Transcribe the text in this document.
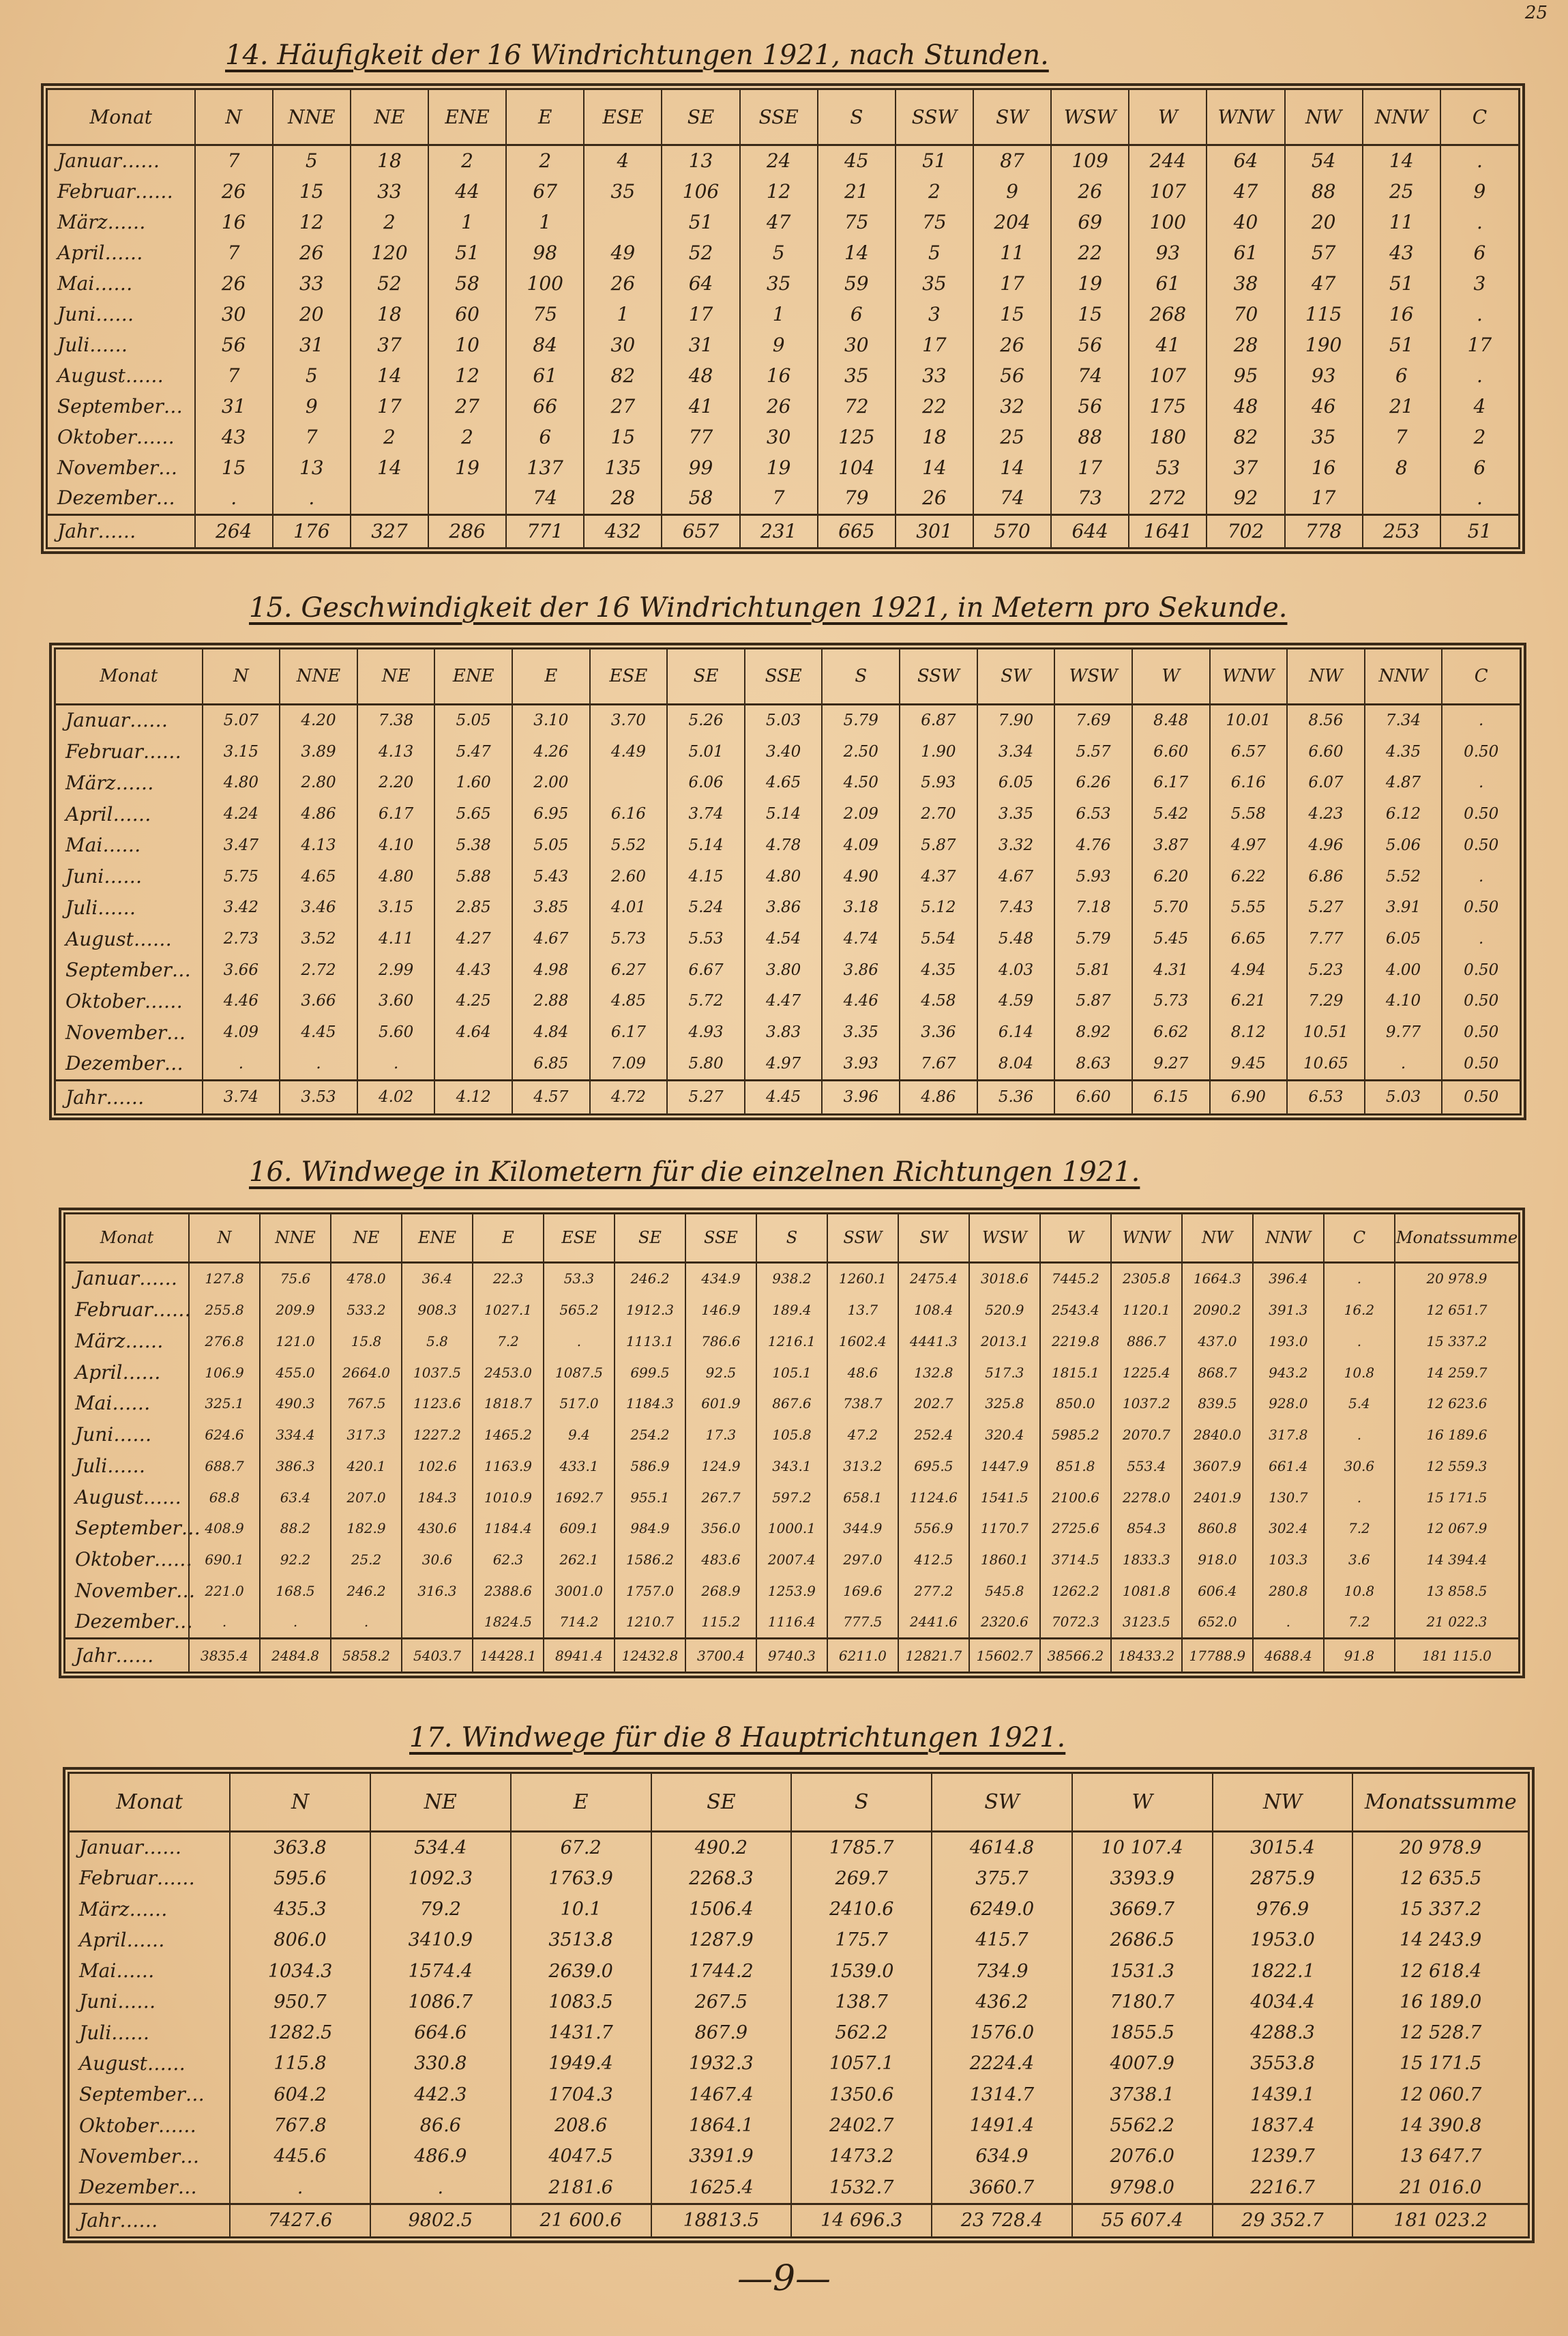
25
14. Häufigkeit der 16 Windrichtungen 1921, nach Stunden.
Monat	N	NNE	NE	ENE	E	ESE	SE	SSE	S	SSW	SW	WSW	W	WNW	NW	NNW	C

Januar……	7	5	18	2	2	4	13	24	45	51	87	109	244	64	54	14	.
Februar……	26	15	33	44	67	35	106	12	21	2	9	26	107	47	88	25	9
März……	16	12	2	1	1		51	47	75	75	204	69	100	40	20	11	.
April……	7	26	120	51	98	49	52	5	14	5	11	22	93	61	57	43	6
Mai……	26	33	52	58	100	26	64	35	59	35	17	19	61	38	47	51	3
Juni……	30	20	18	60	75	1	17	1	6	3	15	15	268	70	115	16	.

Juli……	56	31	37	10	84	30	31	9	30	17	26	56	41	28	190	51	17
August……	7	5	14	12	61	82	48	16	35	33	56	74	107	95	93	6	.
September…	31	9	17	27	66	27	41	26	72	22	32	56	175	48	46	21	4
Oktober……	43	7	2	2	6	15	77	30	125	18	25	88	180	82	35	7	2
November…	15	13	14	19	137	135	99	19	104	14	14	17	53	37	16	8	6
Dezember…	.	.			74	28	58	7	79	26	74	73	272	92	17		.

Jahr……	264	176	327	286	771	432	657	231	665	301	570	644	1641	702	778	253	51
15. Geschwindigkeit der 16 Windrichtungen 1921, in Metern pro Sekunde.
Monat	N	NNE	NE	ENE	E	ESE	SE	SSE	S	SSW	SW	WSW	W	WNW	NW	NNW	C

Januar……	5.07	4.20	7.38	5.05	3.10	3.70	5.26	5.03	5.79	6.87	7.90	7.69	8.48	10.01	8.56	7.34	.
Februar……	3.15	3.89	4.13	5.47	4.26	4.49	5.01	3.40	2.50	1.90	3.34	5.57	6.60	6.57	6.60	4.35	0.50
März……	4.80	2.80	2.20	1.60	2.00		6.06	4.65	4.50	5.93	6.05	6.26	6.17	6.16	6.07	4.87	.
April……	4.24	4.86	6.17	5.65	6.95	6.16	3.74	5.14	2.09	2.70	3.35	6.53	5.42	5.58	4.23	6.12	0.50
Mai……	3.47	4.13	4.10	5.38	5.05	5.52	5.14	4.78	4.09	5.87	3.32	4.76	3.87	4.97	4.96	5.06	0.50
Juni……	5.75	4.65	4.80	5.88	5.43	2.60	4.15	4.80	4.90	4.37	4.67	5.93	6.20	6.22	6.86	5.52	.

Juli……	3.42	3.46	3.15	2.85	3.85	4.01	5.24	3.86	3.18	5.12	7.43	7.18	5.70	5.55	5.27	3.91	0.50
August……	2.73	3.52	4.11	4.27	4.67	5.73	5.53	4.54	4.74	5.54	5.48	5.79	5.45	6.65	7.77	6.05	.
September…	3.66	2.72	2.99	4.43	4.98	6.27	6.67	3.80	3.86	4.35	4.03	5.81	4.31	4.94	5.23	4.00	0.50
Oktober……	4.46	3.66	3.60	4.25	2.88	4.85	5.72	4.47	4.46	4.58	4.59	5.87	5.73	6.21	7.29	4.10	0.50
November…	4.09	4.45	5.60	4.64	4.84	6.17	4.93	3.83	3.35	3.36	6.14	8.92	6.62	8.12	10.51	9.77	0.50
Dezember…	.	.	.		6.85	7.09	5.80	4.97	3.93	7.67	8.04	8.63	9.27	9.45	10.65	.	0.50

Jahr……	3.74	3.53	4.02	4.12	4.57	4.72	5.27	4.45	3.96	4.86	5.36	6.60	6.15	6.90	6.53	5.03	0.50
16. Windwege in Kilometern für die einzelnen Richtungen 1921.
Monat	N	NNE	NE	ENE	E	ESE	SE	SSE	S	SSW	SW	WSW	W	WNW	NW	NNW	C	Monatssumme

Januar……	127.8	75.6	478.0	36.4	22.3	53.3	246.2	434.9	938.2	1260.1	2475.4	3018.6	7445.2	2305.8	1664.3	396.4	.	20 978.9
Februar……	255.8	209.9	533.2	908.3	1027.1	565.2	1912.3	146.9	189.4	13.7	108.4	520.9	2543.4	1120.1	2090.2	391.3	16.2	12 651.7
März……	276.8	121.0	15.8	5.8	7.2	.	1113.1	786.6	1216.1	1602.4	4441.3	2013.1	2219.8	886.7	437.0	193.0	.	15 337.2
April……	106.9	455.0	2664.0	1037.5	2453.0	1087.5	699.5	92.5	105.1	48.6	132.8	517.3	1815.1	1225.4	868.7	943.2	10.8	14 259.7
Mai……	325.1	490.3	767.5	1123.6	1818.7	517.0	1184.3	601.9	867.6	738.7	202.7	325.8	850.0	1037.2	839.5	928.0	5.4	12 623.6
Juni……	624.6	334.4	317.3	1227.2	1465.2	9.4	254.2	17.3	105.8	47.2	252.4	320.4	5985.2	2070.7	2840.0	317.8	.	16 189.6

Juli……	688.7	386.3	420.1	102.6	1163.9	433.1	586.9	124.9	343.1	313.2	695.5	1447.9	851.8	553.4	3607.9	661.4	30.6	12 559.3
August……	68.8	63.4	207.0	184.3	1010.9	1692.7	955.1	267.7	597.2	658.1	1124.6	1541.5	2100.6	2278.0	2401.9	130.7	.	15 171.5
September…	408.9	88.2	182.9	430.6	1184.4	609.1	984.9	356.0	1000.1	344.9	556.9	1170.7	2725.6	854.3	860.8	302.4	7.2	12 067.9
Oktober……	690.1	92.2	25.2	30.6	62.3	262.1	1586.2	483.6	2007.4	297.0	412.5	1860.1	3714.5	1833.3	918.0	103.3	3.6	14 394.4
November…	221.0	168.5	246.2	316.3	2388.6	3001.0	1757.0	268.9	1253.9	169.6	277.2	545.8	1262.2	1081.8	606.4	280.8	10.8	13 858.5
Dezember…	.	.	.		1824.5	714.2	1210.7	115.2	1116.4	777.5	2441.6	2320.6	7072.3	3123.5	652.0	.	7.2	21 022.3

Jahr……	3835.4	2484.8	5858.2	5403.7	14428.1	8941.4	12432.8	3700.4	9740.3	6211.0	12821.7	15602.7	38566.2	18433.2	17788.9	4688.4	91.8	181 115.0
17. Windwege für die 8 Hauptrichtungen 1921.
Monat	N	NE	E	SE	S	SW	W	NW	Monatssumme

Januar……	363.8	534.4	67.2	490.2	1785.7	4614.8	10 107.4	3015.4	20 978.9
Februar……	595.6	1092.3	1763.9	2268.3	269.7	375.7	3393.9	2875.9	12 635.5
März……	435.3	79.2	10.1	1506.4	2410.6	6249.0	3669.7	976.9	15 337.2
April……	806.0	3410.9	3513.8	1287.9	175.7	415.7	2686.5	1953.0	14 243.9
Mai……	1034.3	1574.4	2639.0	1744.2	1539.0	734.9	1531.3	1822.1	12 618.4
Juni……	950.7	1086.7	1083.5	267.5	138.7	436.2	7180.7	4034.4	16 189.0

Juli……	1282.5	664.6	1431.7	867.9	562.2	1576.0	1855.5	4288.3	12 528.7
August……	115.8	330.8	1949.4	1932.3	1057.1	2224.4	4007.9	3553.8	15 171.5
September…	604.2	442.3	1704.3	1467.4	1350.6	1314.7	3738.1	1439.1	12 060.7
Oktober……	767.8	86.6	208.6	1864.1	2402.7	1491.4	5562.2	1837.4	14 390.8
November…	445.6	486.9	4047.5	3391.9	1473.2	634.9	2076.0	1239.7	13 647.7
Dezember…	.	.	2181.6	1625.4	1532.7	3660.7	9798.0	2216.7	21 016.0

Jahr……	7427.6	9802.5	21 600.6	18813.5	14 696.3	23 728.4	55 607.4	29 352.7	181 023.2
—9—
